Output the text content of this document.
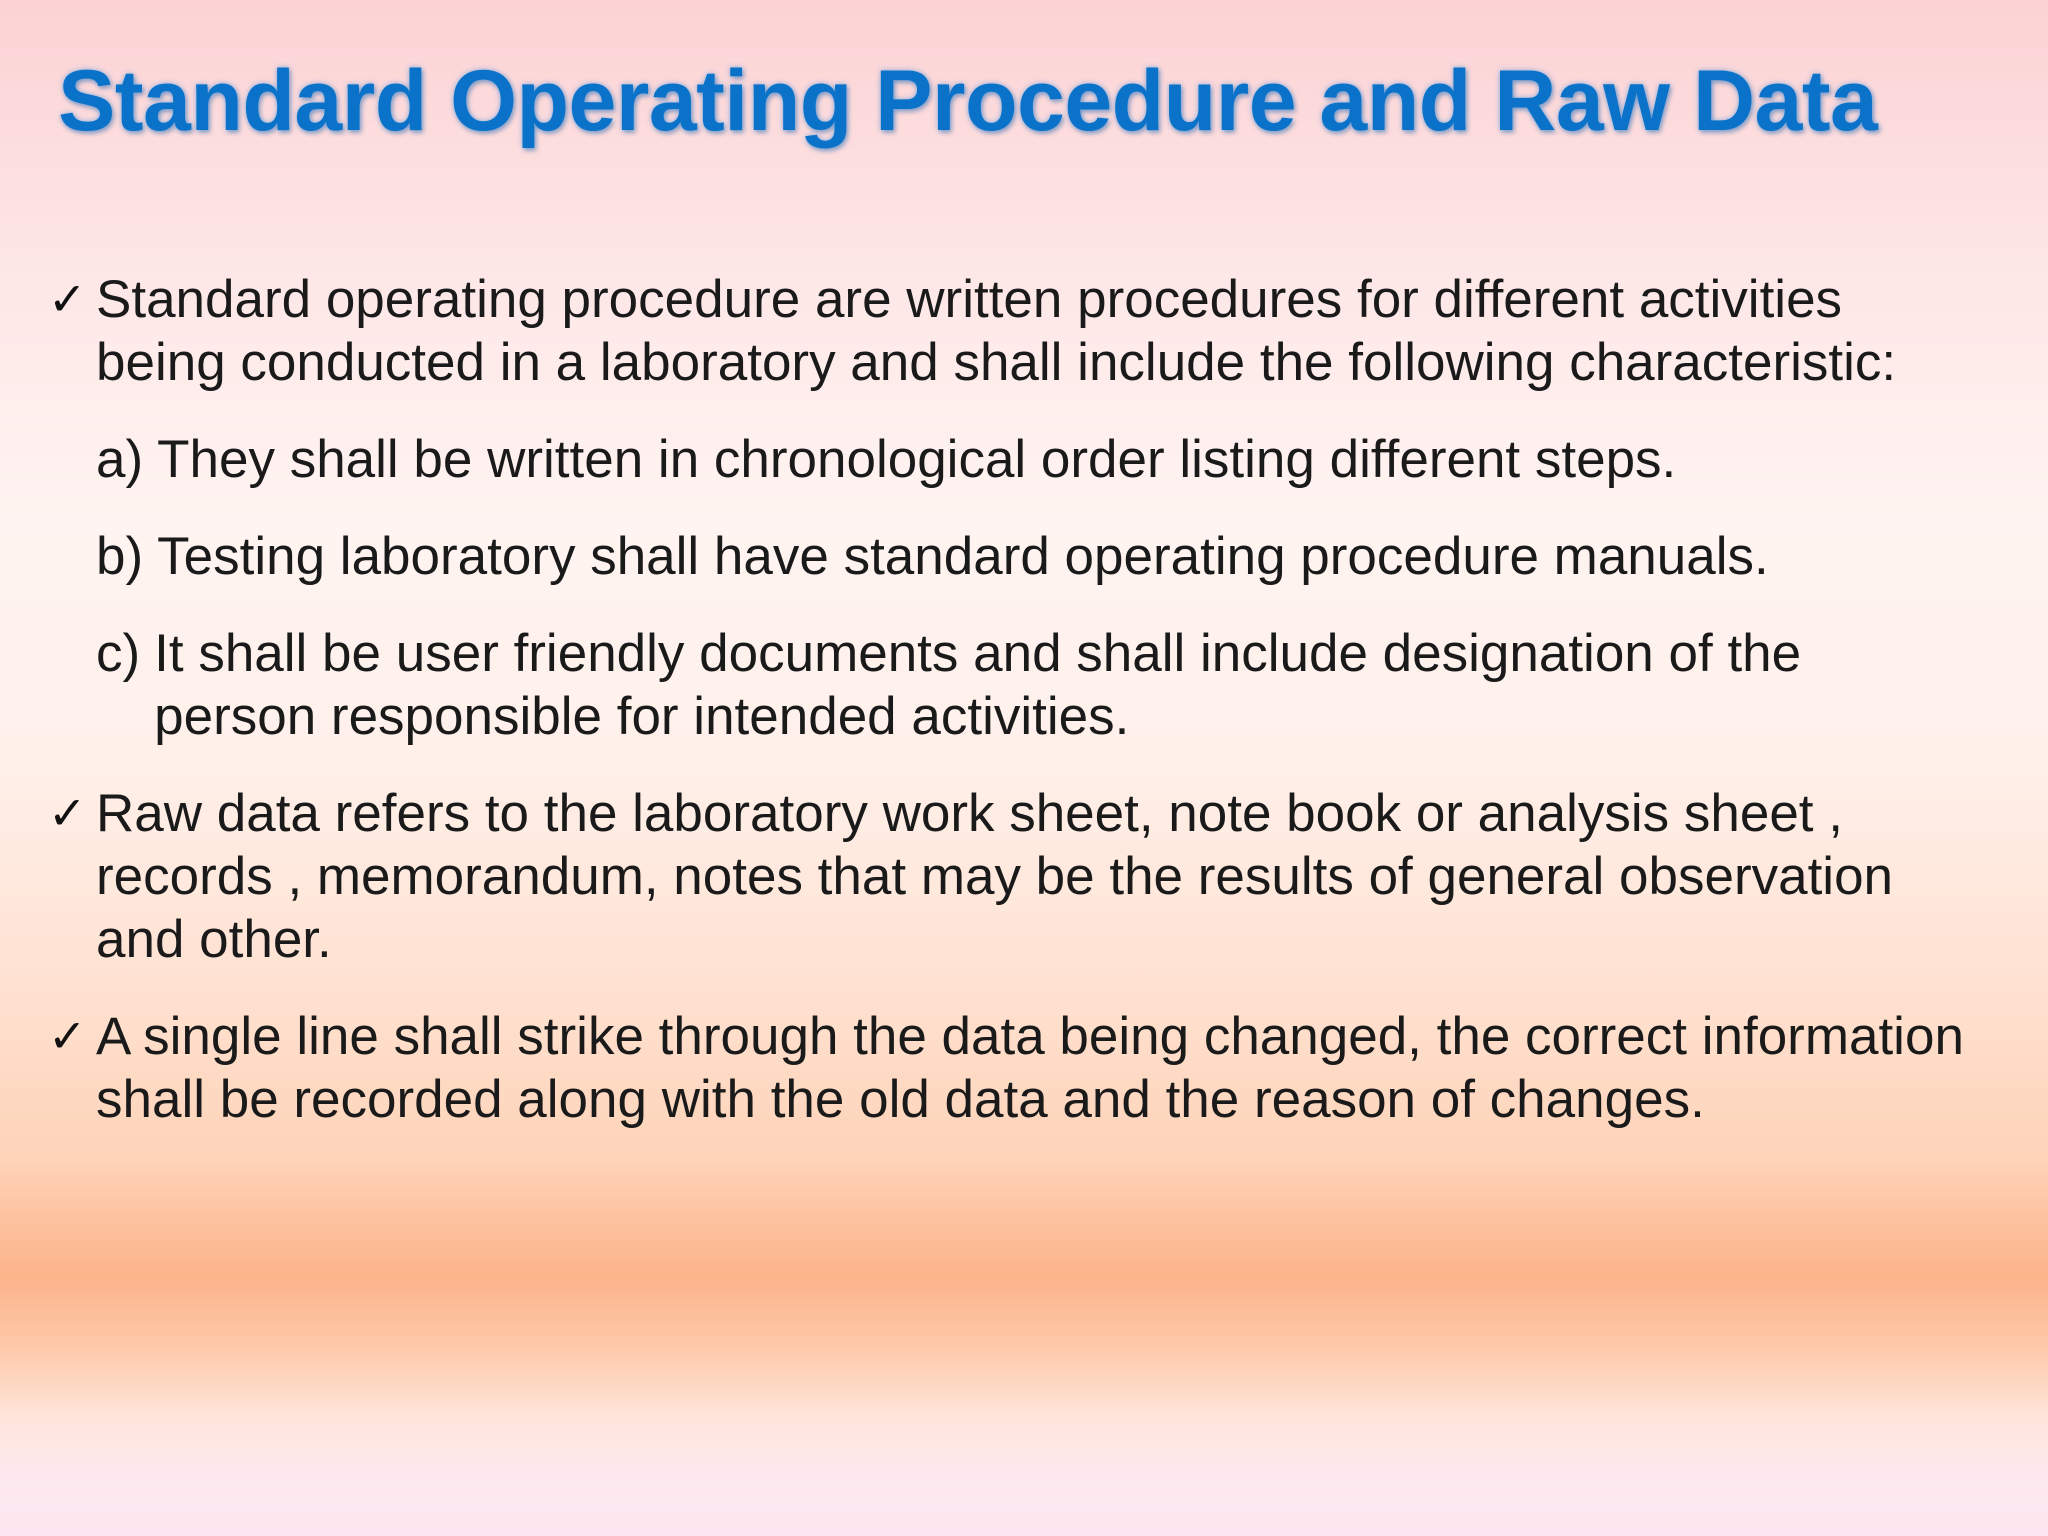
Standard Operating Procedure and Raw Data
✓ Standard operating procedure are written procedures for different activities being conducted in a laboratory and shall include the following characteristic:
a) They shall be written in chronological order listing different steps.
b) Testing laboratory shall have standard operating procedure manuals.
c) It shall be user friendly documents and shall include designation of the person responsible for intended activities.
✓ Raw data refers to the laboratory work sheet, note book or analysis sheet , records , memorandum, notes that may be the results of general observation and other.
✓ A single line shall strike through the data being changed, the correct information shall be recorded along with the old data and the reason of changes.
